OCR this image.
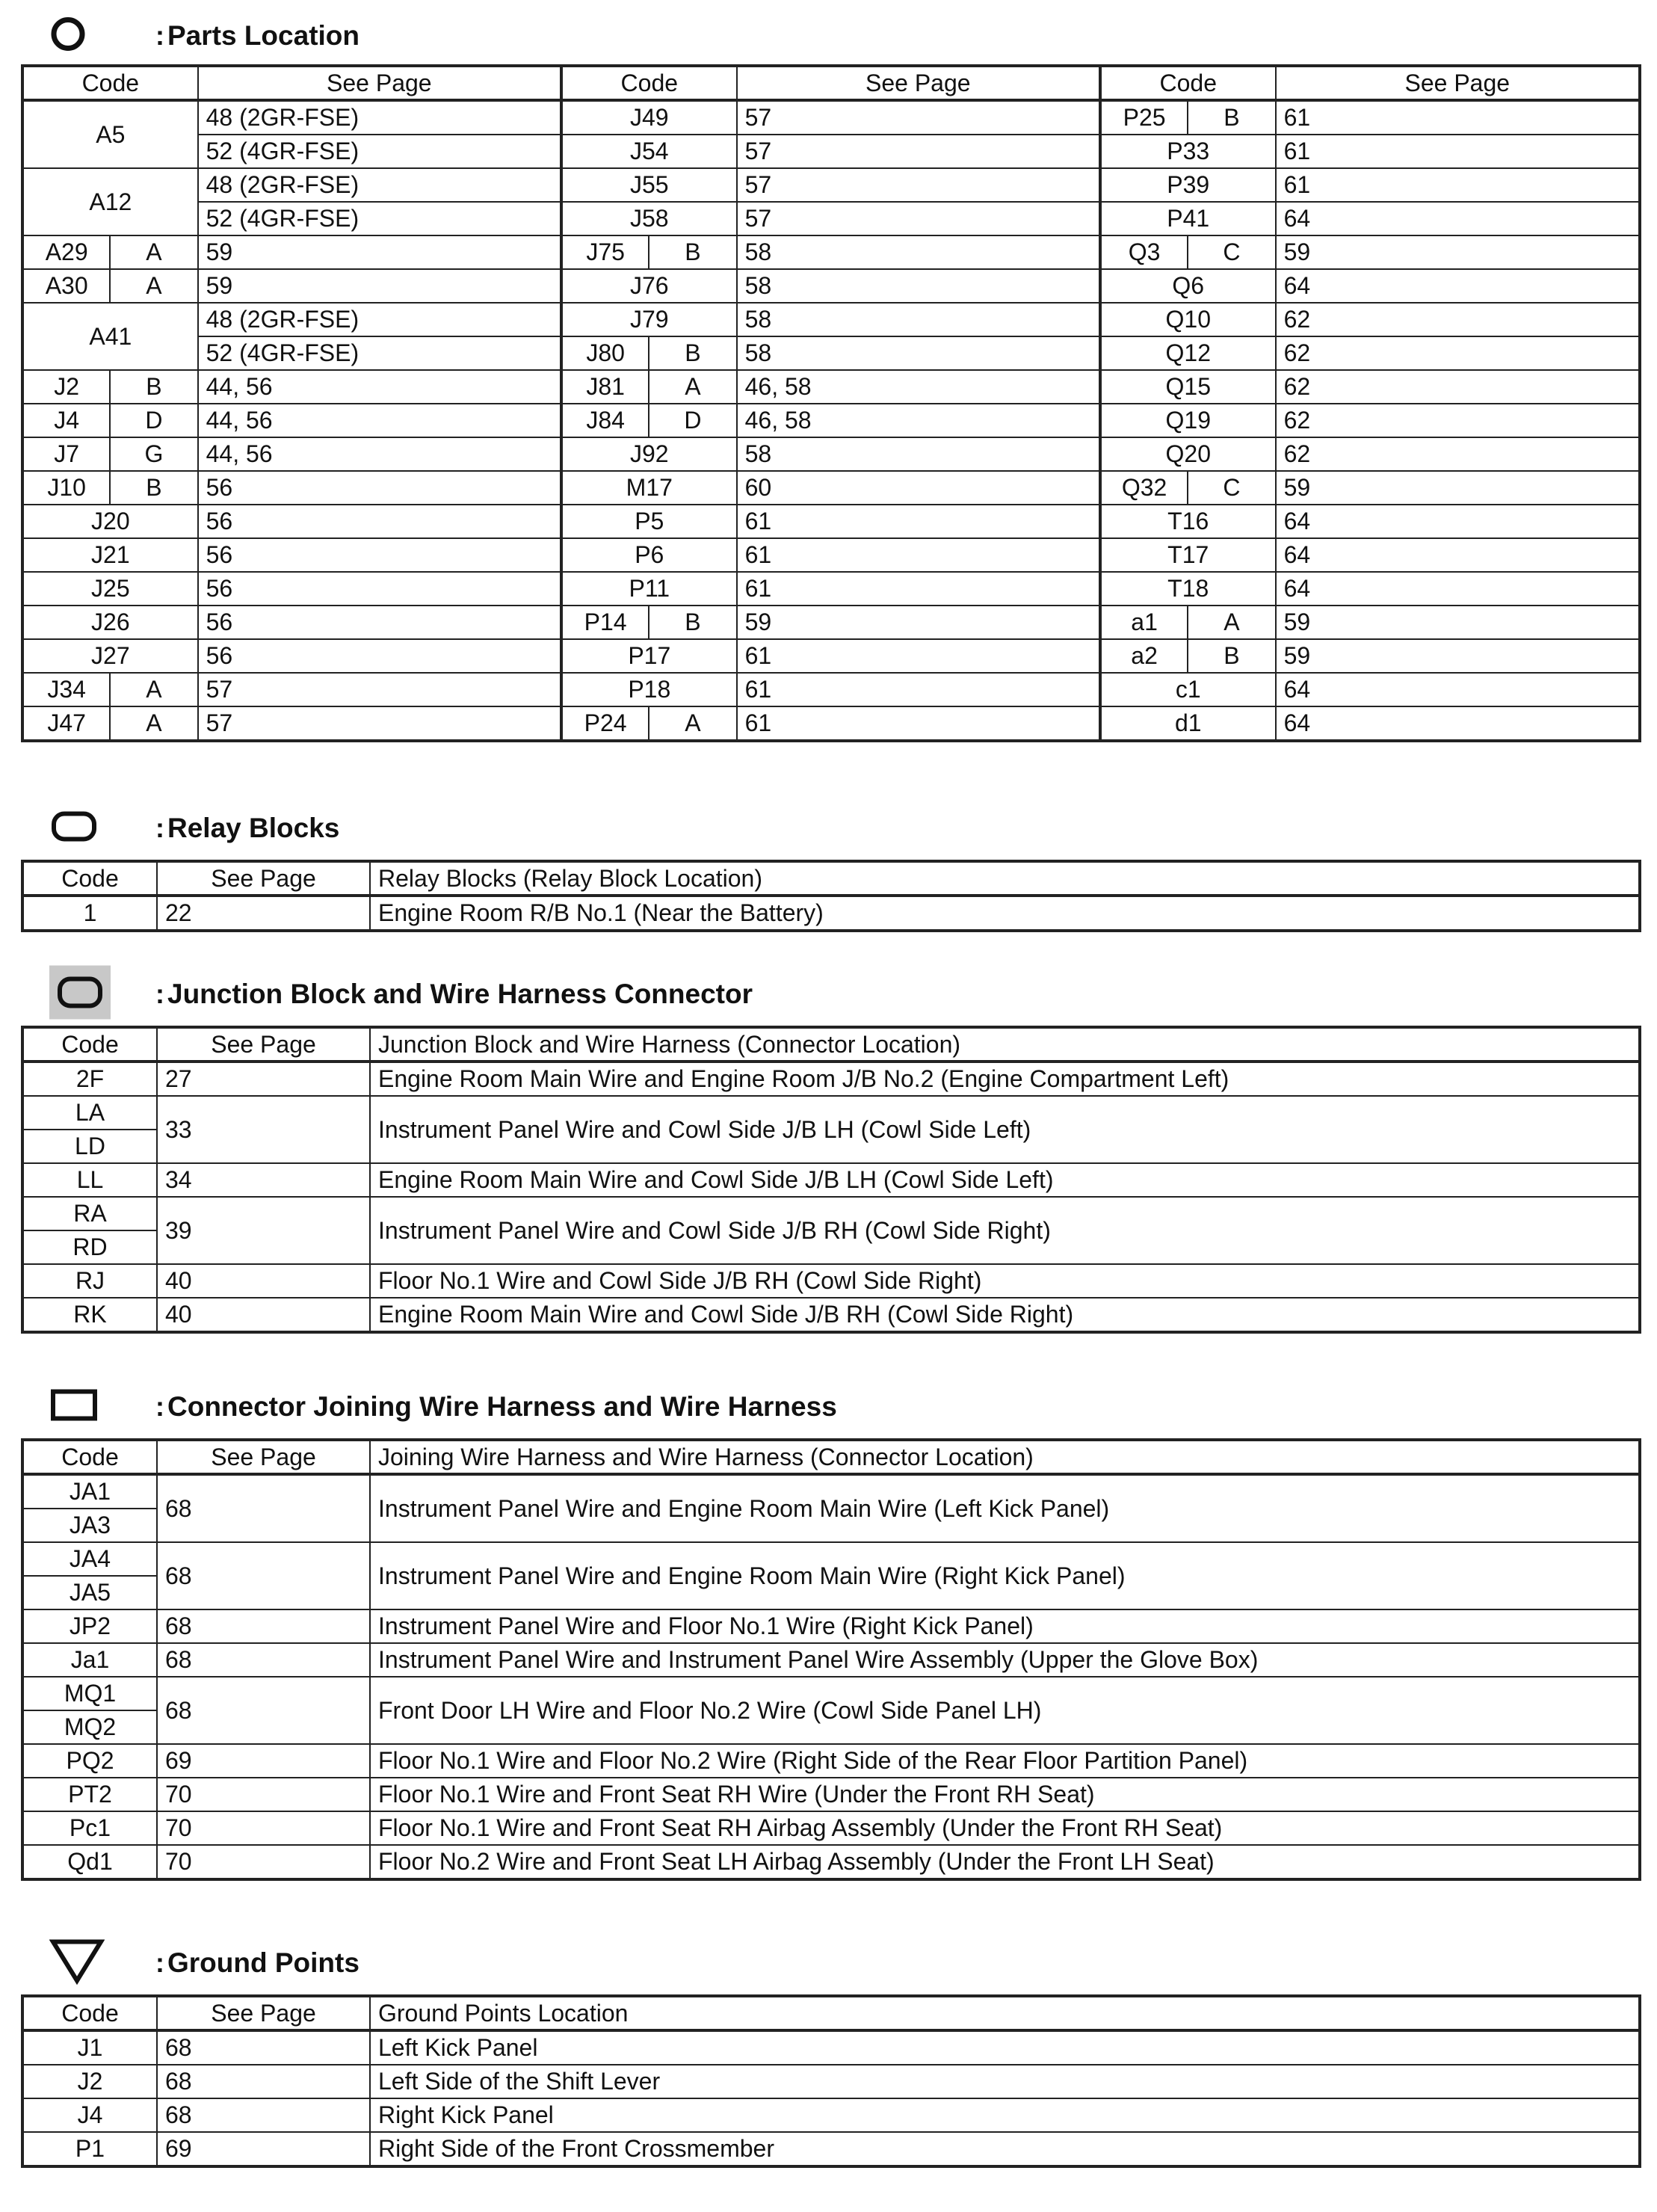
: Parts Location
Code		See Page	Code		See Page	Code		See Page
A5		48 (2GR-FSE)	J49		57	P25	B	61
		52 (4GR-FSE)	J54		57	P33		61
A12		48 (2GR-FSE)	J55		57	P39		61
		52 (4GR-FSE)	J58		57	P41		64
A29	A	59	J75	B	58	Q3	C	59
A30	A	59	J76		58	Q6		64
A41		48 (2GR-FSE)	J79		58	Q10		62
		52 (4GR-FSE)	J80	B	58	Q12		62
J2	B	44, 56	J81	A	46, 58	Q15		62
J4	D	44, 56	J84	D	46, 58	Q19		62
J7	G	44, 56	J92		58	Q20		62
J10	B	56	M17		60	Q32	C	59
J20		56	P5		61	T16		64
J21		56	P6		61	T17		64
J25		56	P11		61	T18		64
J26		56	P14	B	59	a1	A	59
J27		56	P17		61	a2	B	59
J34	A	57	P18		61	c1		64
J47	A	57	P24	A	61	d1		64
: Relay Blocks
Code	See Page	Relay Blocks (Relay Block Location)
1	22	Engine Room R/B No.1 (Near the Battery)
: Junction Block and Wire Harness Connector
Code	See Page	Junction Block and Wire Harness (Connector Location)
2F	27	Engine Room Main Wire and Engine Room J/B No.2 (Engine Compartment Left)
LA	33	Instrument Panel Wire and Cowl Side J/B LH (Cowl Side Left)
LD		
LL	34	Engine Room Main Wire and Cowl Side J/B LH (Cowl Side Left)
RA	39	Instrument Panel Wire and Cowl Side J/B RH (Cowl Side Right)
RD		
RJ	40	Floor No.1 Wire and Cowl Side J/B RH (Cowl Side Right)
RK	40	Engine Room Main Wire and Cowl Side J/B RH (Cowl Side Right)
: Connector Joining Wire Harness and Wire Harness
Code	See Page	Joining Wire Harness and Wire Harness (Connector Location)
JA1	68	Instrument Panel Wire and Engine Room Main Wire (Left Kick Panel)
JA3		
JA4	68	Instrument Panel Wire and Engine Room Main Wire (Right Kick Panel)
JA5		
JP2	68	Instrument Panel Wire and Floor No.1 Wire (Right Kick Panel)
Ja1	68	Instrument Panel Wire and Instrument Panel Wire Assembly (Upper the Glove Box)
MQ1	68	Front Door LH Wire and Floor No.2 Wire (Cowl Side Panel LH)
MQ2		
PQ2	69	Floor No.1 Wire and Floor No.2 Wire (Right Side of the Rear Floor Partition Panel)
PT2	70	Floor No.1 Wire and Front Seat RH Wire (Under the Front RH Seat)
Pc1	70	Floor No.1 Wire and Front Seat RH Airbag Assembly (Under the Front RH Seat)
Qd1	70	Floor No.2 Wire and Front Seat LH Airbag Assembly (Under the Front LH Seat)
: Ground Points
Code	See Page	Ground Points Location
J1	68	Left Kick Panel
J2	68	Left Side of the Shift Lever
J4	68	Right Kick Panel
P1	69	Right Side of the Front Crossmember
